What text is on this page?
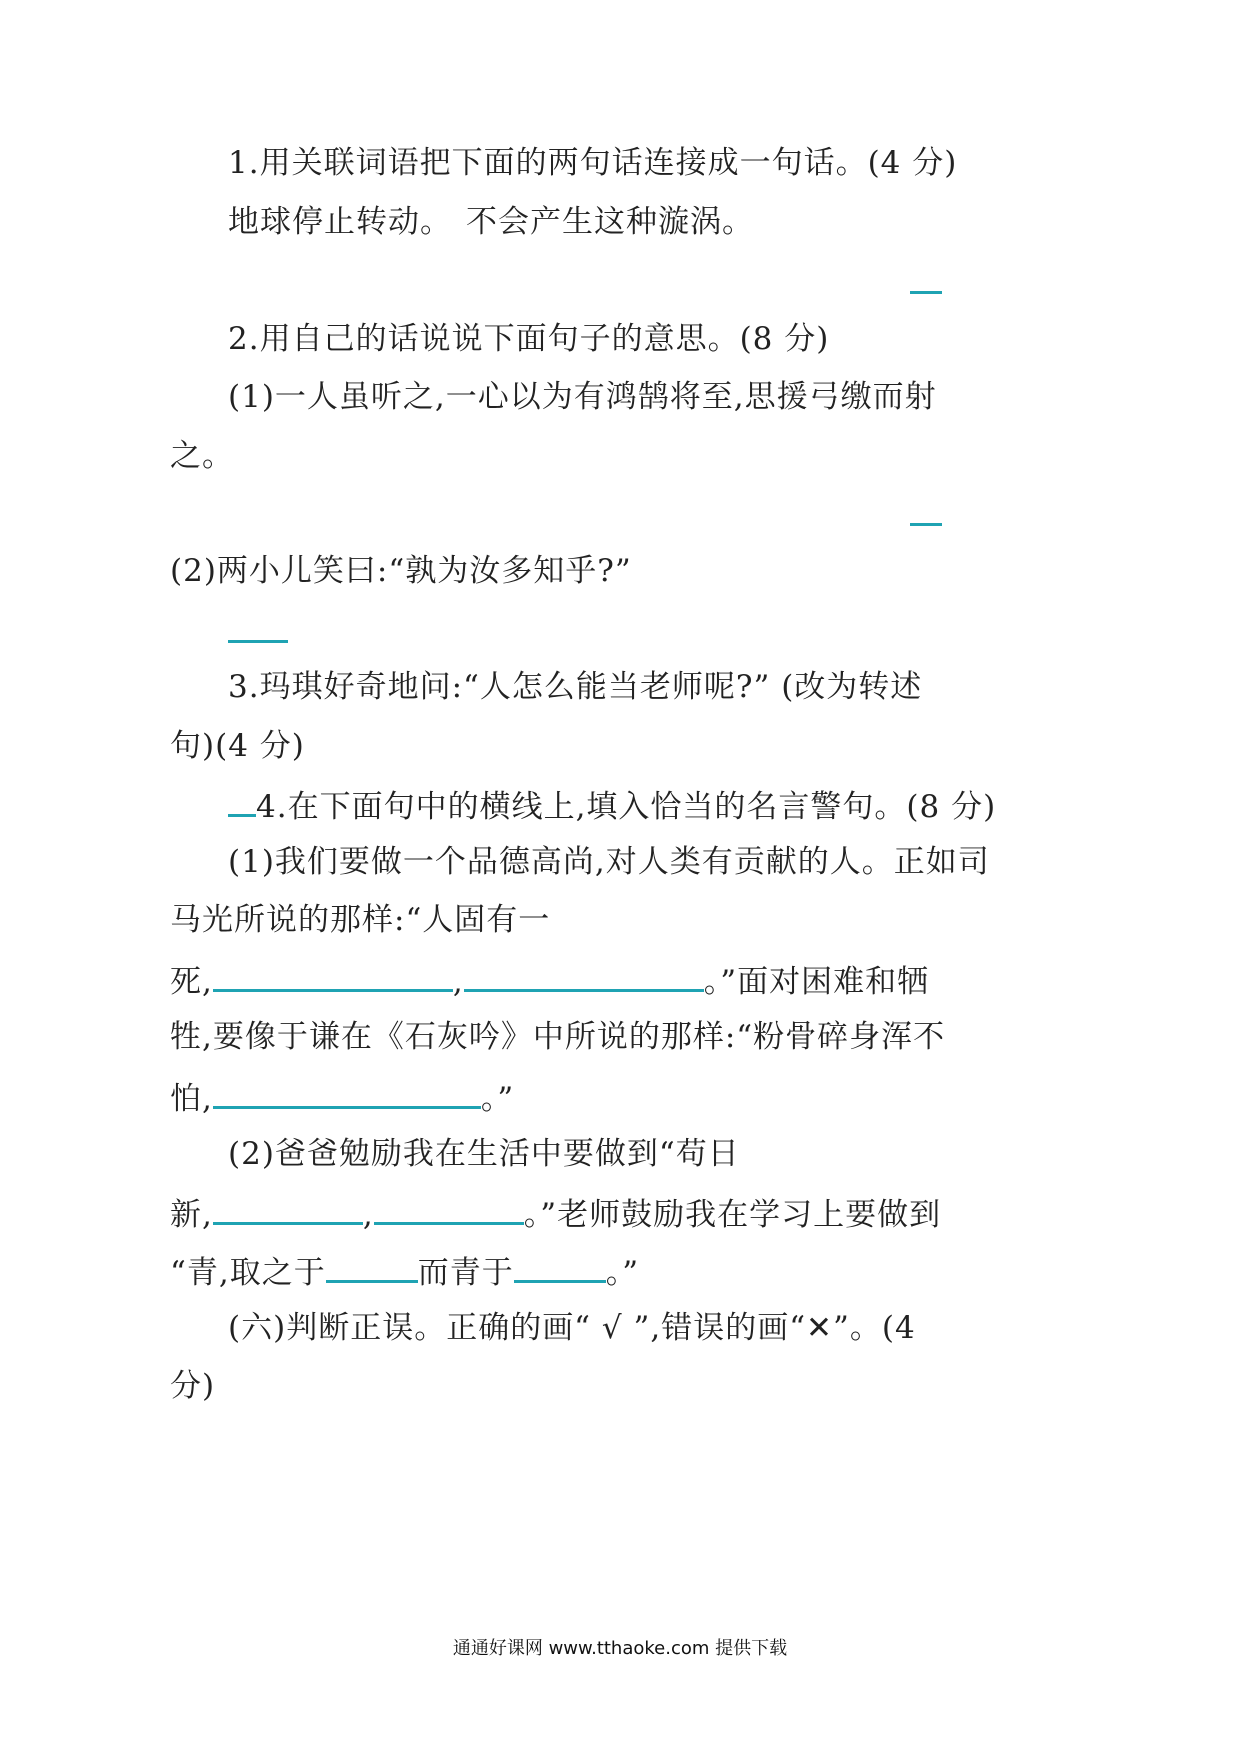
1.用关联词语把下面的两句话连接成一句话。(4 分)
地球停止转动。 不会产生这种漩涡。
2.用自己的话说说下面句子的意思。(8 分)
(1)一人虽听之,一心以为有鸿鹄将至,思援弓缴而射
之。
(2)两小儿笑曰:“孰为汝多知乎?”
3.玛琪好奇地问:“人怎么能当老师呢?” (改为转述
句)(4 分)
4.在下面句中的横线上,填入恰当的名言警句。(8 分)
(1)我们要做一个品德高尚,对人类有贡献的人。正如司
马光所说的那样:“人固有一
死,	,	。”面对困难和牺
牲,要像于谦在《石灰吟》中所说的那样:“粉骨碎身浑不
怕,	。”
(2)爸爸勉励我在生活中要做到“苟日
新,	,	。”老师鼓励我在学习上要做到
“青,取之于	而青于	。”
(六)判断正误。正确的画“ √ ”,错误的画“✕”。(4
分)
通通好课网 www.tthaoke.com 提供下载
